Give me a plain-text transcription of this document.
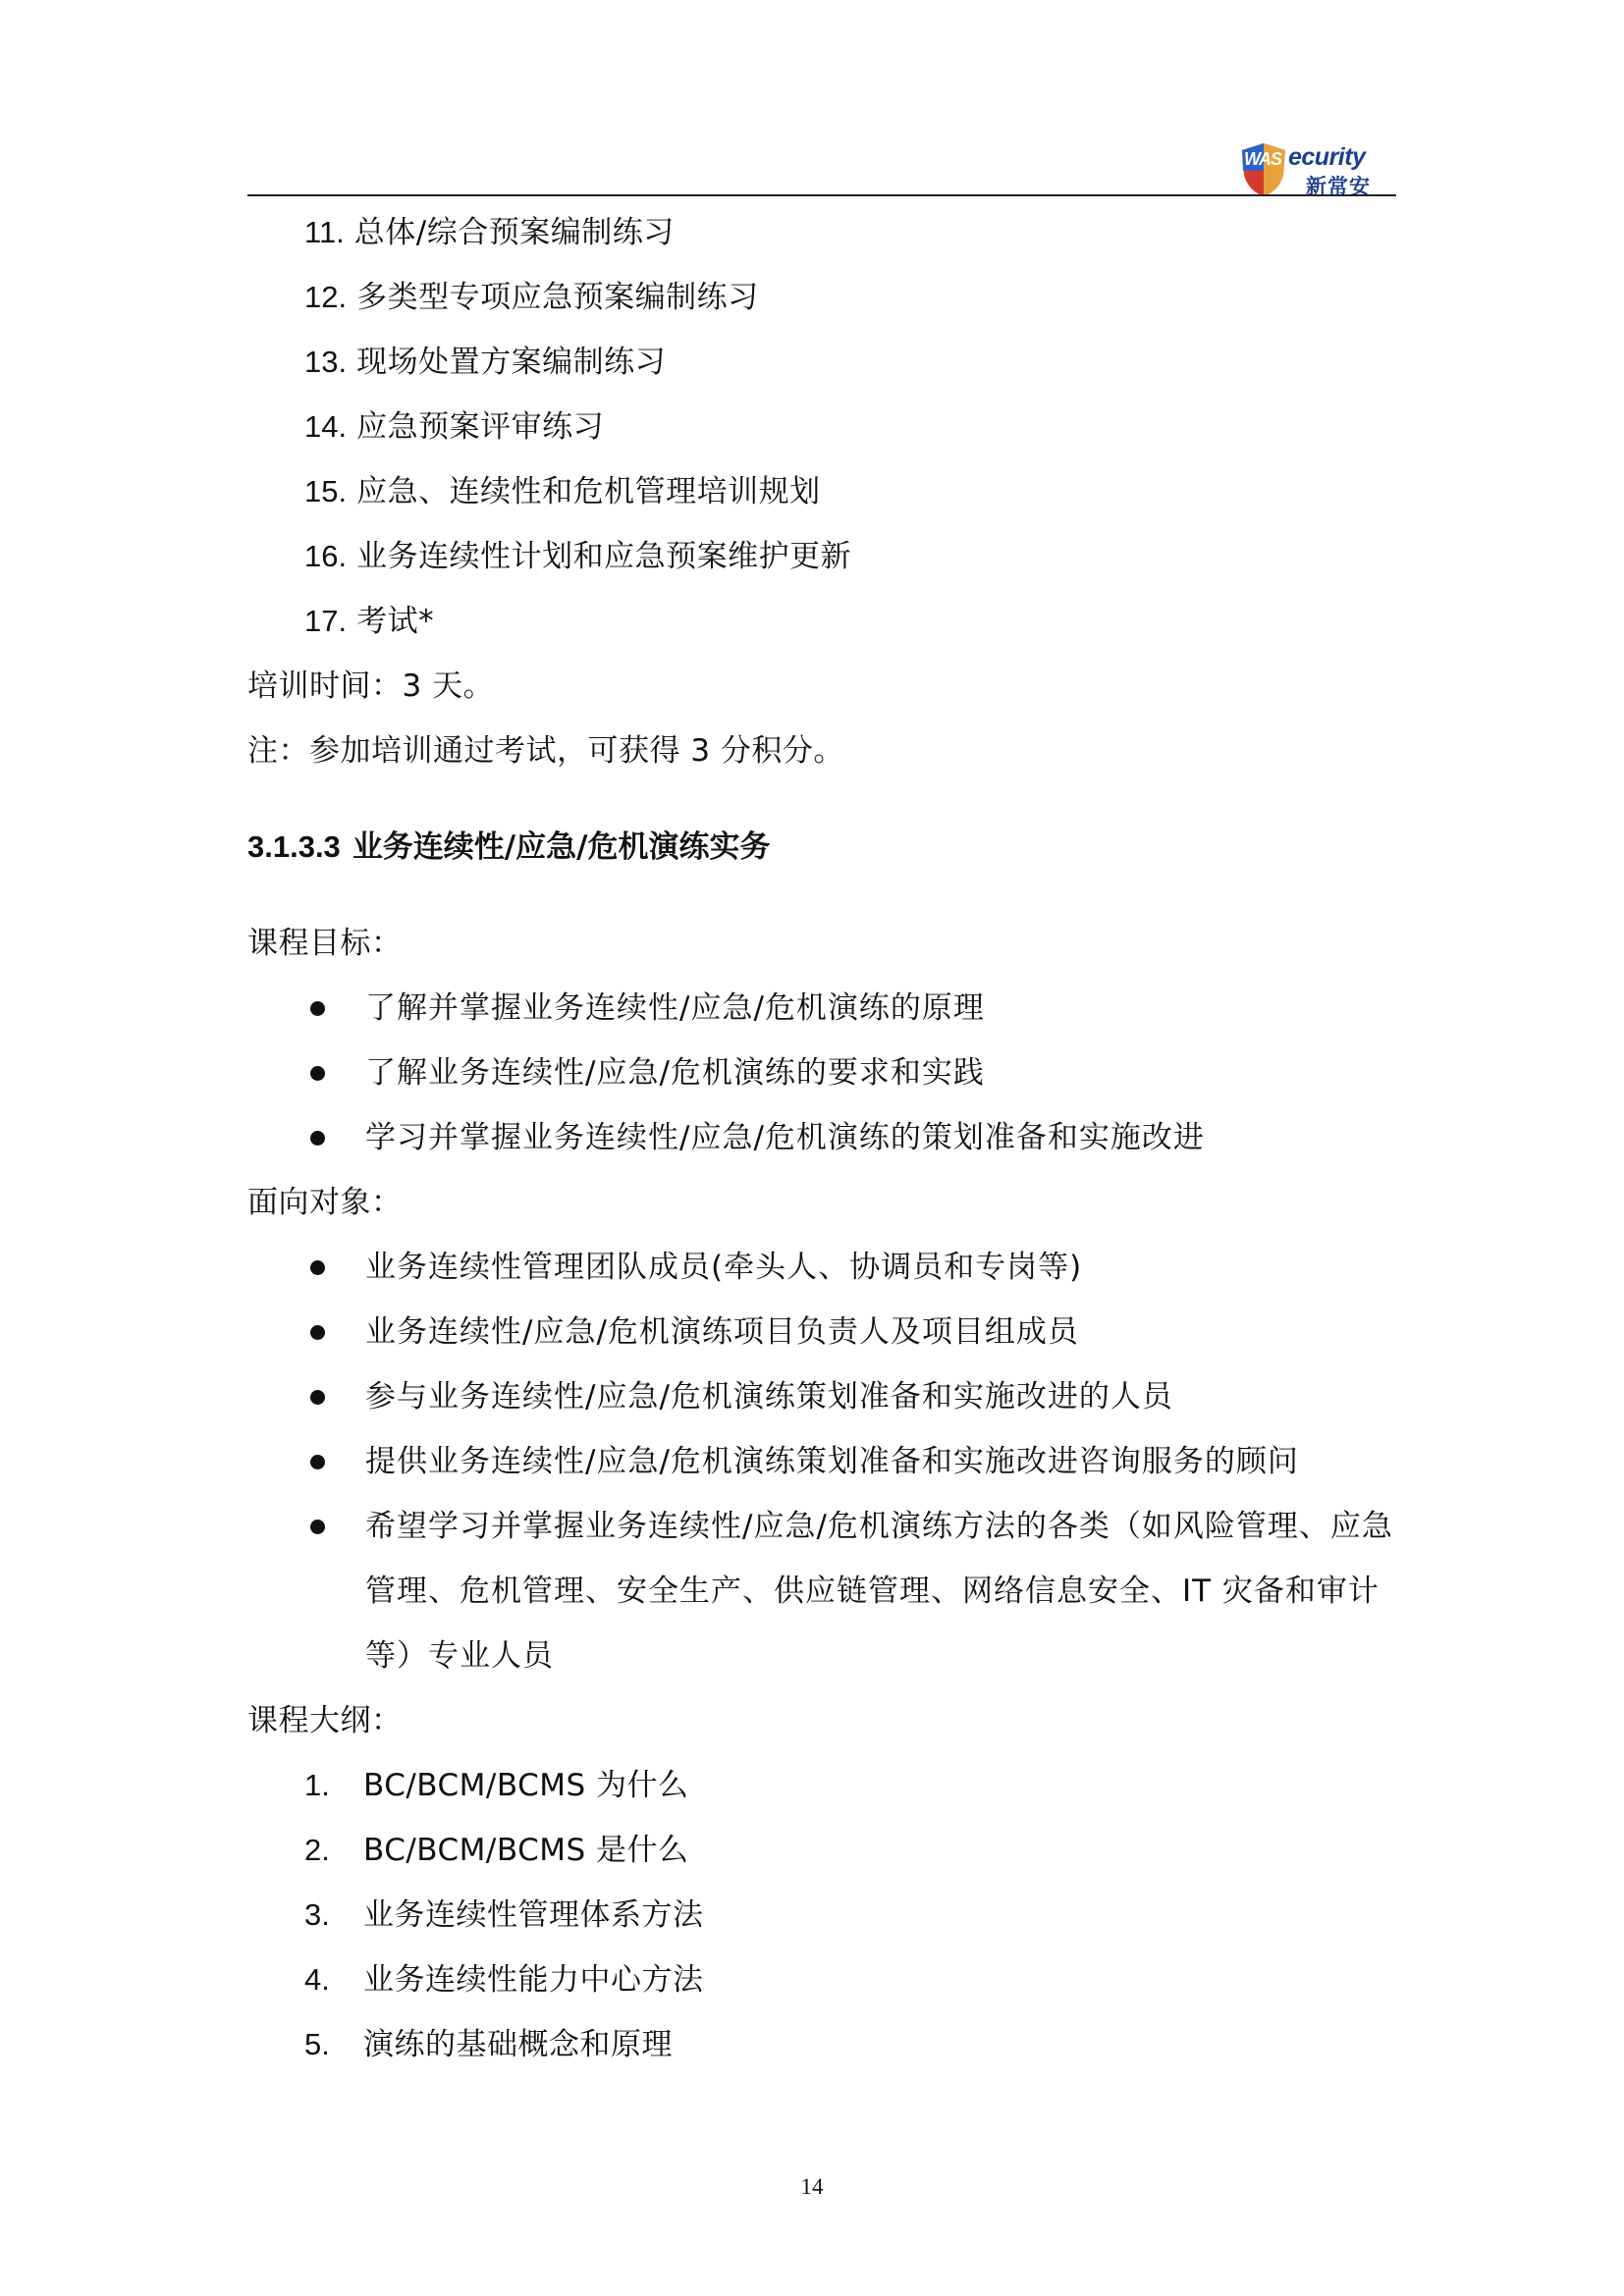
WAS ecurity
新常安
11. 总体/综合预案编制练习
12. 多类型专项应急预案编制练习
13. 现场处置方案编制练习
14. 应急预案评审练习
15. 应急、连续性和危机管理培训规划
16. 业务连续性计划和应急预案维护更新
17. 考试*
培训时间：3 天。
注：参加培训通过考试，可获得 3 分积分。
3.1.3.3 业务连续性/应急/危机演练实务
课程目标：
了解并掌握业务连续性/应急/危机演练的原理
了解业务连续性/应急/危机演练的要求和实践
学习并掌握业务连续性/应急/危机演练的策划准备和实施改进
面向对象：
业务连续性管理团队成员(牵头人、协调员和专岗等)
业务连续性/应急/危机演练项目负责人及项目组成员
参与业务连续性/应急/危机演练策划准备和实施改进的人员
提供业务连续性/应急/危机演练策划准备和实施改进咨询服务的顾问
希望学习并掌握业务连续性/应急/危机演练方法的各类（如风险管理、应急管理、危机管理、安全生产、供应链管理、网络信息安全、IT 灾备和审计等）专业人员
课程大纲：
1. BC/BCM/BCMS 为什么
2. BC/BCM/BCMS 是什么
3. 业务连续性管理体系方法
4. 业务连续性能力中心方法
5. 演练的基础概念和原理
14
